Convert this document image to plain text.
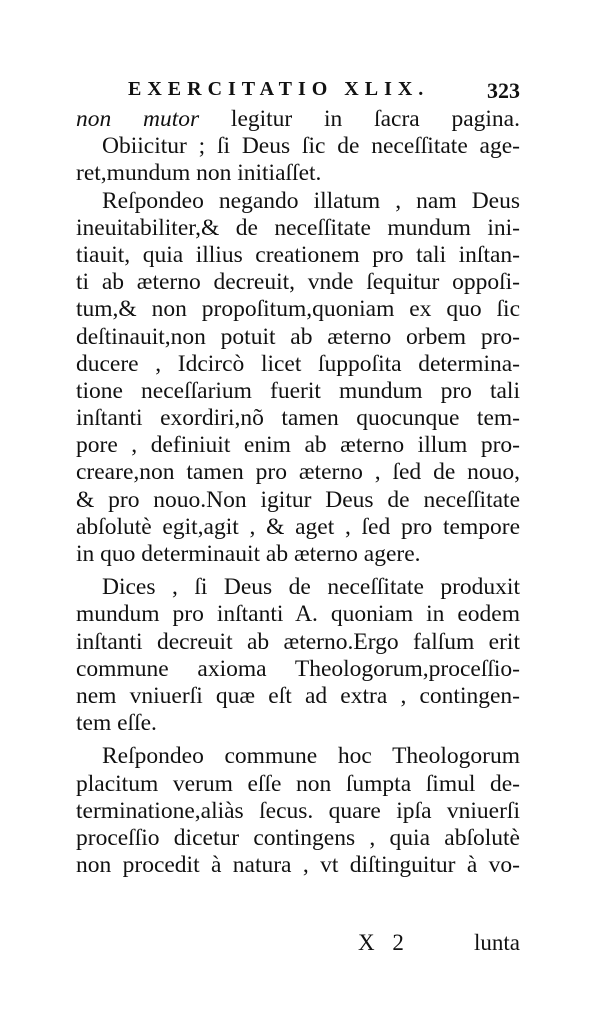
EXERCITATIO XLIX.	323
non mutor legitur in ſacra pagina.
Obiicitur ; ſi Deus ſic de neceſſitate age-
ret,mundum non initiaſſet.
Reſpondeo negando illatum , nam Deus
ineuitabiliter,& de neceſſitate mundum ini-
tiauit, quia illius creationem pro tali inſtan-
ti ab æterno decreuit, vnde ſequitur oppoſi-
tum,& non propoſitum,quoniam ex quo ſic
deſtinauit,non potuit ab æterno orbem pro-
ducere , Idcircò licet ſuppoſita determina-
tione neceſſarium fuerit mundum pro tali
inſtanti exordiri,nõ tamen quocunque tem-
pore , definiuit enim ab æterno illum pro-
creare,non tamen pro æterno , ſed de nouo,
& pro nouo.Non igitur Deus de neceſſitate
abſolutè egit,agit , & aget , ſed pro tempore
in quo determinauit ab æterno agere.
Dices , ſi Deus de neceſſitate produxit
mundum pro inſtanti A. quoniam in eodem
inſtanti decreuit ab æterno.Ergo falſum erit
commune axioma Theologorum,proceſſio-
nem vniuerſi quæ eſt ad extra , contingen-
tem eſſe.
Reſpondeo commune hoc Theologorum
placitum verum eſſe non ſumpta ſimul de-
terminatione,aliàs ſecus. quare ipſa vniuerſi
proceſſio dicetur contingens , quia abſolutè
non procedit à natura , vt diſtinguitur à vo-
X 2	lunta
